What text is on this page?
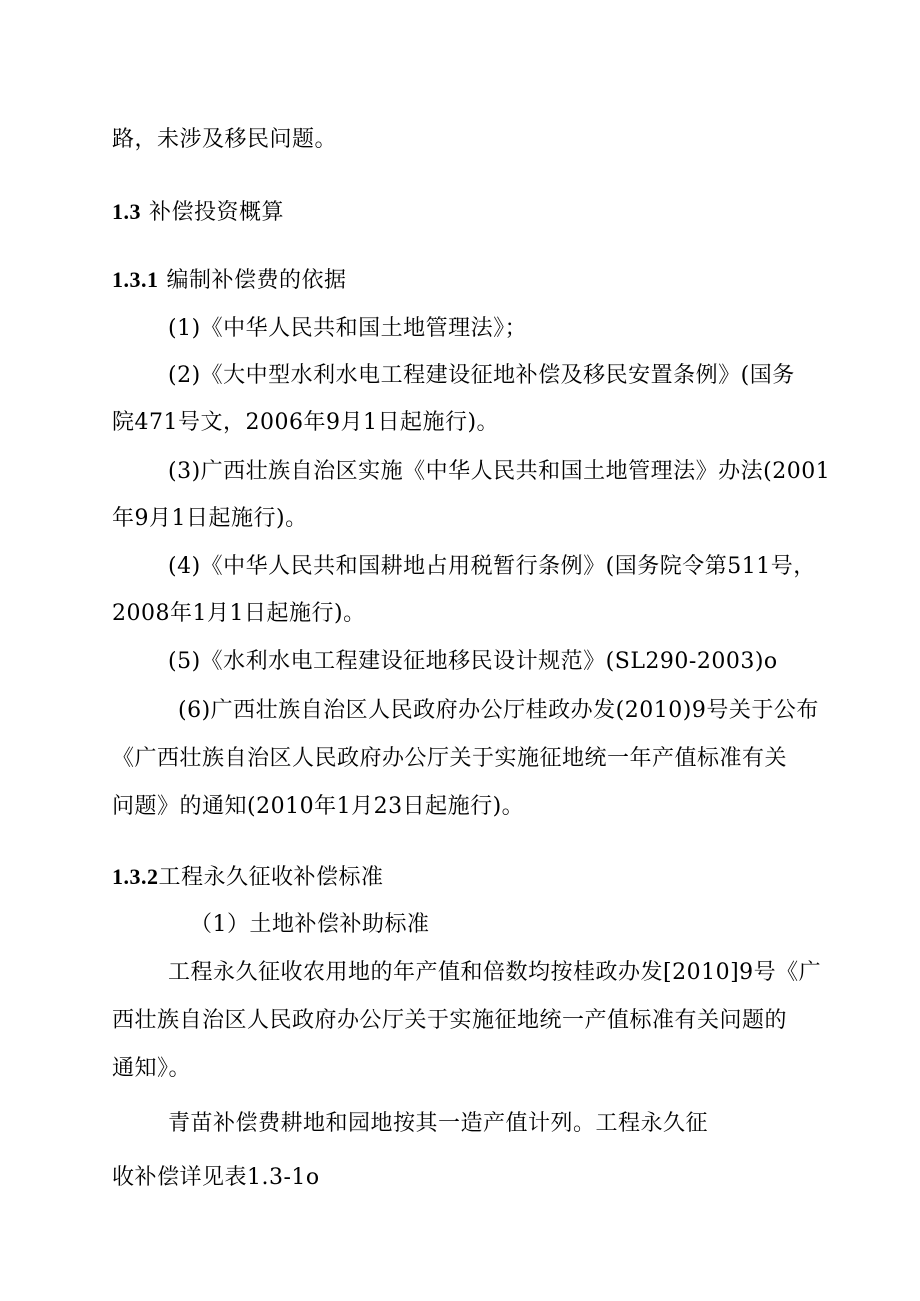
路，未涉及移民问题。
1.3 补偿投资概算
1.3.1 编制补偿费的依据
(1)《中华人民共和国土地管理法》；
(2)《大中型水利水电工程建设征地补偿及移民安置条例》(国务
院471号文，2006年9月1日起施行)。
(3)广西壮族自治区实施《中华人民共和国土地管理法》办法(2001
年9月1日起施行)。
(4)《中华人民共和国耕地占用税暂行条例》(国务院令第511号，
2008年1月1日起施行)。
(5)《水利水电工程建设征地移民设计规范》(SL290-2003)o
(6)广西壮族自治区人民政府办公厅桂政办发(2010)9号关于公布
《广西壮族自治区人民政府办公厅关于实施征地统一年产值标准有关
问题》的通知(2010年1月23日起施行)。
1.3.2工程永久征收补偿标准
（1）土地补偿补助标准
工程永久征收农用地的年产值和倍数均按桂政办发[2010]9号《广
西壮族自治区人民政府办公厅关于实施征地统一产值标准有关问题的
通知》。
青苗补偿费耕地和园地按其一造产值计列。工程永久征
收补偿详见表1.3-1o
